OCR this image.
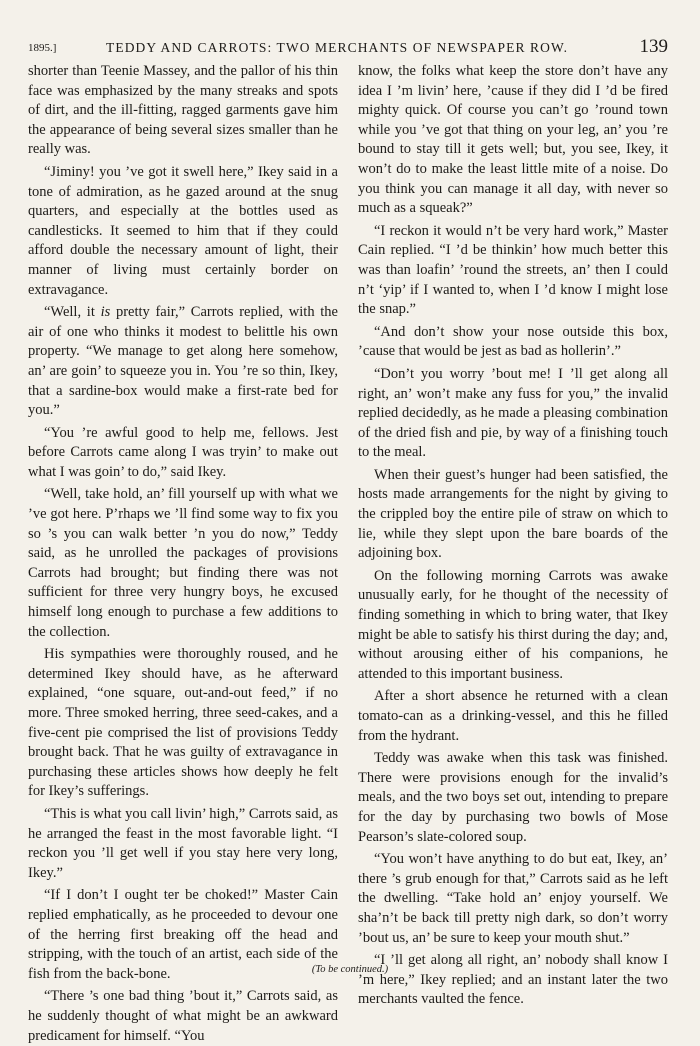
1895.]	TEDDY AND CARROTS: TWO MERCHANTS OF NEWSPAPER ROW.	139

shorter than Teenie Massey, and the pallor of his thin face was emphasized by the many streaks and spots of dirt, and the ill-fitting, ragged garments gave him the appearance of being several sizes smaller than he really was.

“Jiminy! you ’ve got it swell here,” Ikey said in a tone of admiration, as he gazed around at the snug quarters, and especially at the bottles used as candlesticks. It seemed to him that if they could afford double the necessary amount of light, their manner of living must certainly border on extravagance.

“Well, it is pretty fair,” Carrots replied, with the air of one who thinks it modest to belittle his own property. “We manage to get along here somehow, an’ are goin’ to squeeze you in. You ’re so thin, Ikey, that a sardine-box would make a first-rate bed for you.”

“You ’re awful good to help me, fellows. Jest before Carrots came along I was tryin’ to make out what I was goin’ to do,” said Ikey.

“Well, take hold, an’ fill yourself up with what we ’ve got here. P’rhaps we ’ll find some way to fix you so ’s you can walk better ’n you do now,” Teddy said, as he unrolled the packages of provisions Carrots had brought; but finding there was not sufficient for three very hungry boys, he excused himself long enough to purchase a few additions to the collection.

His sympathies were thoroughly roused, and he determined Ikey should have, as he afterward explained, “one square, out-and-out feed,” if no more. Three smoked herring, three seed-cakes, and a five-cent pie comprised the list of provisions Teddy brought back. That he was guilty of extravagance in purchasing these articles shows how deeply he felt for Ikey’s sufferings.

“This is what you call livin’ high,” Carrots said, as he arranged the feast in the most favorable light. “I reckon you ’ll get well if you stay here very long, Ikey.”

“If I don’t I ought ter be choked!” Master Cain replied emphatically, as he proceeded to devour one of the herring first breaking off the head and stripping, with the touch of an artist, each side of the fish from the back-bone.

“There ’s one bad thing ’bout it,” Carrots said, as he suddenly thought of what might be an awkward predicament for himself. “You

know, the folks what keep the store don’t have any idea I ’m livin’ here, ’cause if they did I ’d be fired mighty quick. Of course you can’t go ’round town while you ’ve got that thing on your leg, an’ you ’re bound to stay till it gets well; but, you see, Ikey, it won’t do to make the least little mite of a noise. Do you think you can manage it all day, with never so much as a squeak?”

“I reckon it would n’t be very hard work,” Master Cain replied. “I ’d be thinkin’ how much better this was than loafin’ ’round the streets, an’ then I could n’t ‘yip’ if I wanted to, when I ’d know I might lose the snap.”

“And don’t show your nose outside this box, ’cause that would be jest as bad as hollerin’.”

“Don’t you worry ’bout me! I ’ll get along all right, an’ won’t make any fuss for you,” the invalid replied decidedly, as he made a pleasing combination of the dried fish and pie, by way of a finishing touch to the meal.

When their guest’s hunger had been satisfied, the hosts made arrangements for the night by giving to the crippled boy the entire pile of straw on which to lie, while they slept upon the bare boards of the adjoining box.

On the following morning Carrots was awake unusually early, for he thought of the necessity of finding something in which to bring water, that Ikey might be able to satisfy his thirst during the day; and, without arousing either of his companions, he attended to this important business.

After a short absence he returned with a clean tomato-can as a drinking-vessel, and this he filled from the hydrant.

Teddy was awake when this task was finished. There were provisions enough for the invalid’s meals, and the two boys set out, intending to prepare for the day by purchasing two bowls of Mose Pearson’s slate-colored soup.

“You won’t have anything to do but eat, Ikey, an’ there ’s grub enough for that,” Carrots said as he left the dwelling. “Take hold an’ enjoy yourself. We sha’n’t be back till pretty nigh dark, so don’t worry ’bout us, an’ be sure to keep your mouth shut.”

“I ’ll get along all right, an’ nobody shall know I ’m here,” Ikey replied; and an instant later the two merchants vaulted the fence.

(To be continued.)
